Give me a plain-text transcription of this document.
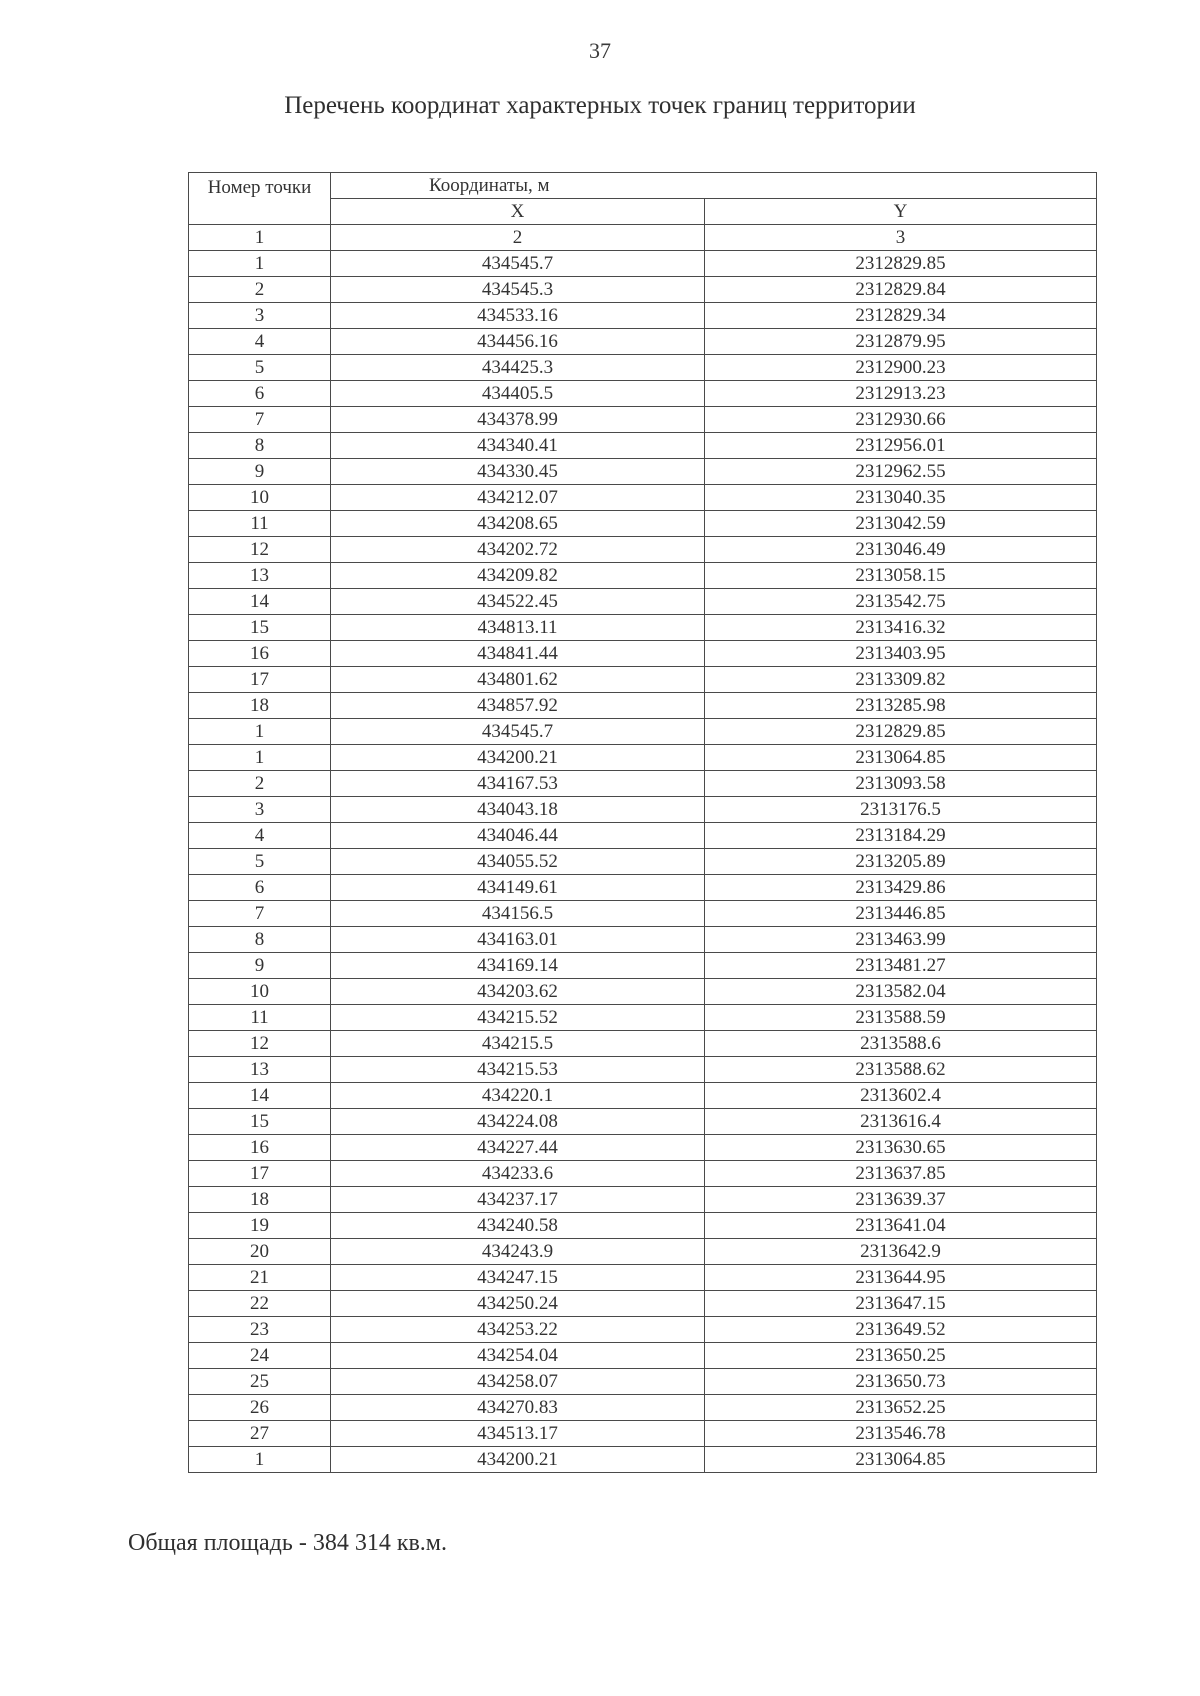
37
Перечень координат характерных точек границ территории
Номер точки	Координаты, м	
	X	Y
1	2	3
1	434545.7	2312829.85
2	434545.3	2312829.84
3	434533.16	2312829.34
4	434456.16	2312879.95
5	434425.3	2312900.23
6	434405.5	2312913.23
7	434378.99	2312930.66
8	434340.41	2312956.01
9	434330.45	2312962.55
10	434212.07	2313040.35
11	434208.65	2313042.59
12	434202.72	2313046.49
13	434209.82	2313058.15
14	434522.45	2313542.75
15	434813.11	2313416.32
16	434841.44	2313403.95
17	434801.62	2313309.82
18	434857.92	2313285.98
1	434545.7	2312829.85
1	434200.21	2313064.85
2	434167.53	2313093.58
3	434043.18	2313176.5
4	434046.44	2313184.29
5	434055.52	2313205.89
6	434149.61	2313429.86
7	434156.5	2313446.85
8	434163.01	2313463.99
9	434169.14	2313481.27
10	434203.62	2313582.04
11	434215.52	2313588.59
12	434215.5	2313588.6
13	434215.53	2313588.62
14	434220.1	2313602.4
15	434224.08	2313616.4
16	434227.44	2313630.65
17	434233.6	2313637.85
18	434237.17	2313639.37
19	434240.58	2313641.04
20	434243.9	2313642.9
21	434247.15	2313644.95
22	434250.24	2313647.15
23	434253.22	2313649.52
24	434254.04	2313650.25
25	434258.07	2313650.73
26	434270.83	2313652.25
27	434513.17	2313546.78
1	434200.21	2313064.85
Общая площадь - 384 314 кв.м.
